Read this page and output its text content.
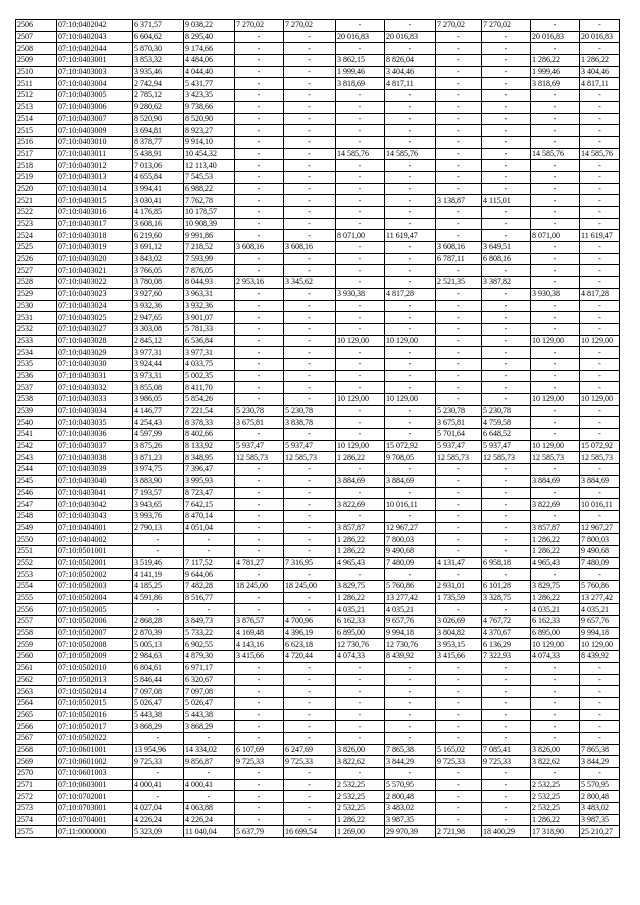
2506	07:10:0402042	6 371,57	9 038,22	7 270,02	7 270,02	-	-	7 270,02	7 270,02	-	-
2507	07:10:0402043	6 604,62	8 295,40	-	-	20 016,83	20 016,83	-	-	20 016,83	20 016,83
2508	07:10:0402044	5 870,30	9 174,66	-	-	-	-	-	-	-	-
2509	07:10:0403001	3 853,32	4 484,06	-	-	3 862,15	8 826,04	-	-	1 286,22	1 286,22
2510	07:10:0403003	3 935,46	4 044,40	-	-	1 999,46	3 404,46	-	-	1 999,46	3 404,46
2511	07:10:0403004	2 742,94	5 431,77	-	-	3 818,69	4 817,11	-	-	3 818,69	4 817,11
2512	07:10:0403005	2 785,12	3 423,35	-	-	-	-	-	-	-	-
2513	07:10:0403006	9 280,62	9 738,66	-	-	-	-	-	-	-	-
2514	07:10:0403007	8 520,90	8 520,90	-	-	-	-	-	-	-	-
2515	07:10:0403009	3 694,81	8 923,27	-	-	-	-	-	-	-	-
2516	07:10:0403010	8 378,77	9 914,10	-	-	-	-	-	-	-	-
2517	07:10:0403011	5 438,91	10 454,32	-	-	14 585,76	14 585,76	-	-	14 585,76	14 585,76
2518	07:10:0403012	7 013,06	12 113,40	-	-	-	-	-	-	-	-
2519	07:10:0403013	4 655,84	7 545,53	-	-	-	-	-	-	-	-
2520	07:10:0403014	3 994,41	6 988,22	-	-	-	-	-	-	-	-
2521	07:10:0403015	3 030,41	7 762,78	-	-	-	-	3 138,87	4 115,01	-	-
2522	07:10:0403016	4 176,85	10 178,57	-	-	-	-	-	-	-	-
2523	07:10:0403017	3 608,16	10 908,39	-	-	-	-	-	-	-	-
2524	07:10:0403018	6 219,60	9 991,86	-	-	8 071,00	11 619,47	-	-	8 071,00	11 619,47
2525	07:10:0403019	3 691,12	7 218,52	3 608,16	3 608,16	-	-	3 608,16	3 649,51	-	-
2526	07:10:0403020	3 843,02	7 593,99	-	-	-	-	6 787,11	6 808,16	-	-
2527	07:10:0403021	3 766,05	7 876,05	-	-	-	-	-	-	-	-
2528	07:10:0403022	3 780,08	8 044,93	2 953,16	3 345,62	-	-	2 521,35	3 387,82	-	-
2529	07:10:0403023	3 927,60	3 963,31	-	-	3 930,38	4 817,28	-	-	3 930,38	4 817,28
2530	07:10:0403024	3 932,36	3 932,36	-	-	-	-	-	-	-	-
2531	07:10:0403025	2 947,65	3 901,07	-	-	-	-	-	-	-	-
2532	07:10:0403027	3 303,08	5 781,33	-	-	-	-	-	-	-	-
2533	07:10:0403028	2 845,12	6 536,84	-	-	10 129,00	10 129,00	-	-	10 129,00	10 129,00
2534	07:10:0403029	3 977,31	3 977,31	-	-	-	-	-	-	-	-
2535	07:10:0403030	3 924,44	4 033,75	-	-	-	-	-	-	-	-
2536	07:10:0403031	3 973,31	5 002,35	-	-	-	-	-	-	-	-
2537	07:10:0403032	3 855,08	8 411,70	-	-	-	-	-	-	-	-
2538	07:10:0403033	3 986,05	5 854,26	-	-	10 129,00	10 129,00	-	-	10 129,00	10 129,00
2539	07:10:0403034	4 146,77	7 221,54	5 230,78	5 230,78	-	-	5 230,78	5 230,78	-	-
2540	07:10:0403035	4 254,43	8 378,33	3 675,81	3 838,78	-	-	3 675,81	4 759,58	-	-
2541	07:10:0403036	4 597,99	8 402,66	-	-	-	-	5 701,64	6 648,52	-	-
2542	07:10:0403037	3 875,26	8 133,92	5 937,47	5 937,47	10 129,00	15 072,92	5 937,47	5 937,47	10 129,00	15 072,92
2543	07:10:0403038	3 871,23	8 348,95	12 585,73	12 585,73	1 286,22	9 708,05	12 585,73	12 585,73	12 585,73	12 585,73
2544	07:10:0403039	3 974,75	7 396,47	-	-	-	-	-	-	-	-
2545	07:10:0403040	3 883,90	3 995,93	-	-	3 884,69	3 884,69	-	-	3 884,69	3 884,69
2546	07:10:0403041	7 193,57	8 723,47	-	-	-	-	-	-	-	-
2547	07:10:0403042	3 943,65	7 642,15	-	-	3 822,69	10 016,11	-	-	3 822,69	10 016,11
2548	07:10:0403043	3 993,76	8 470,14	-	-	-	-	-	-	-	-
2549	07:10:0404001	2 790,13	4 051,04	-	-	3 857,87	12 967,27	-	-	3 857,87	12 967,27
2550	07:10:0404002	-	-	-	-	1 286,22	7 800,03	-	-	1 286,22	7 800,03
2551	07:10:0501001	-	-	-	-	1 286,22	9 490,68	-	-	1 286,22	9 490,68
2552	07:10:0502001	3 519,46	7 117,52	4 781,27	7 316,95	4 965,43	7 480,09	4 131,47	6 958,18	4 965,43	7 480,09
2553	07:10:0502002	4 141,19	9 644,06	-	-	-	-	-	-	-	-
2554	07:10:0502003	4 185,25	7 482,28	18 245,00	18 245,00	3 829,75	5 760,86	2 931,01	6 101,28	3 829,75	5 760,86
2555	07:10:0502004	4 591,86	8 516,77	-	-	1 286,22	13 277,42	1 735,59	3 328,75	1 286,22	13 277,42
2556	07:10:0502005	-	-	-	-	4 035,21	4 035,21	-	-	4 035,21	4 035,21
2557	07:10:0502006	2 868,28	3 849,73	3 876,57	4 700,96	6 162,33	9 657,76	3 026,69	4 767,72	6 162,33	9 657,76
2558	07:10:0502007	2 870,39	5 733,22	4 169,48	4 396,19	6 895,00	9 994,18	3 804,82	4 370,67	6 895,00	9 994,18
2559	07:10:0502008	5 005,13	6 902,55	4 143,16	6 623,18	12 730,76	12 730,76	3 953,15	6 136,29	10 129,00	10 129,00
2560	07:10:0502009	2 984,63	4 879,30	3 415,66	4 720,44	4 074,33	8 439,92	3 415,66	7 322,93	4 074,33	8 439,92
2561	07:10:0502010	6 804,61	6 971,17	-	-	-	-	-	-	-	-
2562	07:10:0502013	5 846,44	6 320,67	-	-	-	-	-	-	-	-
2563	07:10:0502014	7 097,08	7 097,08	-	-	-	-	-	-	-	-
2564	07:10:0502015	5 026,47	5 026,47	-	-	-	-	-	-	-	-
2565	07:10:0502016	5 443,38	5 443,38	-	-	-	-	-	-	-	-
2566	07:10:0502017	3 868,29	3 868,29	-	-	-	-	-	-	-	-
2567	07:10:0502022	-	-	-	-	-	-	-	-	-	-
2568	07:10:0601001	13 954,96	14 334,02	6 107,69	6 247,69	3 826,00	7 865,38	5 165,02	7 085,41	3 826,00	7 865,38
2569	07:10:0601002	9 725,33	9 856,87	9 725,33	9 725,33	3 822,62	3 844,29	9 725,33	9 725,33	3 822,62	3 844,29
2570	07:10:0601003	-	-	-	-	-	-	-	-	-	-
2571	07:10:0603001	4 000,41	4 000,41	-	-	2 532,25	5 570,95	-	-	2 532,25	5 570,95
2572	07:10:0702001	-	-	-	-	2 532,25	2 800,48	-	-	2 532,25	2 800,48
2573	07:10:0703001	4 027,04	4 063,88	-	-	2 532,25	3 483,02	-	-	2 532,25	3 483,02
2574	07:10:0704001	4 226,24	4 226,24	-	-	1 286,22	3 987,35	-	-	1 286,22	3 987,35
2575	07:11:0000000	5 323,09	11 040,04	5 637,79	16 699,54	1 269,00	29 970,39	2 721,98	18 400,29	17 318,90	25 210,27
